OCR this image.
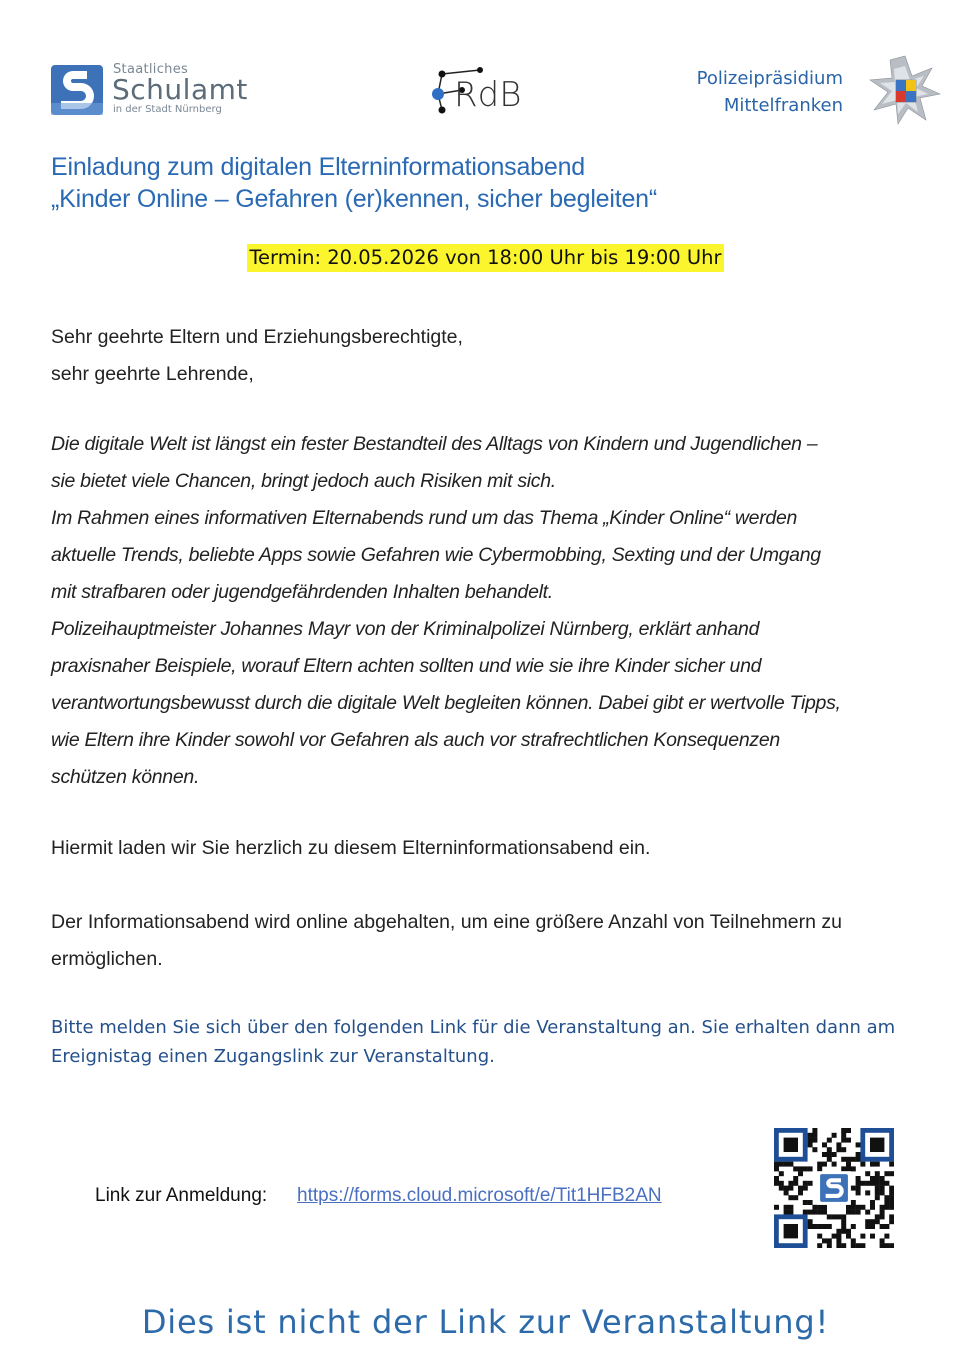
Staatliches
Schulamt
in der Stadt Nürnberg	RdB	Polizeipräsidium
Mittelfranken
Einladung zum digitalen Elterninformationsabend
„Kinder Online – Gefahren (er)kennen, sicher begleiten“
Termin: 20.05.2026 von 18:00 Uhr bis 19:00 Uhr
Sehr geehrte Eltern und Erziehungsberechtigte,
sehr geehrte Lehrende,
Die digitale Welt ist längst ein fester Bestandteil des Alltags von Kindern und Jugendlichen –
sie bietet viele Chancen, bringt jedoch auch Risiken mit sich.
Im Rahmen eines informativen Elternabends rund um das Thema „Kinder Online“ werden
aktuelle Trends, beliebte Apps sowie Gefahren wie Cybermobbing, Sexting und der Umgang
mit strafbaren oder jugendgefährdenden Inhalten behandelt.
Polizeihauptmeister Johannes Mayr von der Kriminalpolizei Nürnberg, erklärt anhand
praxisnaher Beispiele, worauf Eltern achten sollten und wie sie ihre Kinder sicher und
verantwortungsbewusst durch die digitale Welt begleiten können. Dabei gibt er wertvolle Tipps,
wie Eltern ihre Kinder sowohl vor Gefahren als auch vor strafrechtlichen Konsequenzen
schützen können.
Hiermit laden wir Sie herzlich zu diesem Elterninformationsabend ein.
Der Informationsabend wird online abgehalten, um eine größere Anzahl von Teilnehmern zu
ermöglichen.
Bitte melden Sie sich über den folgenden Link für die Veranstaltung an. Sie erhalten dann am
Ereignistag einen Zugangslink zur Veranstaltung.
Link zur Anmeldung: https://forms.cloud.microsoft/e/Tit1HFB2AN
Dies ist nicht der Link zur Veranstaltung!
